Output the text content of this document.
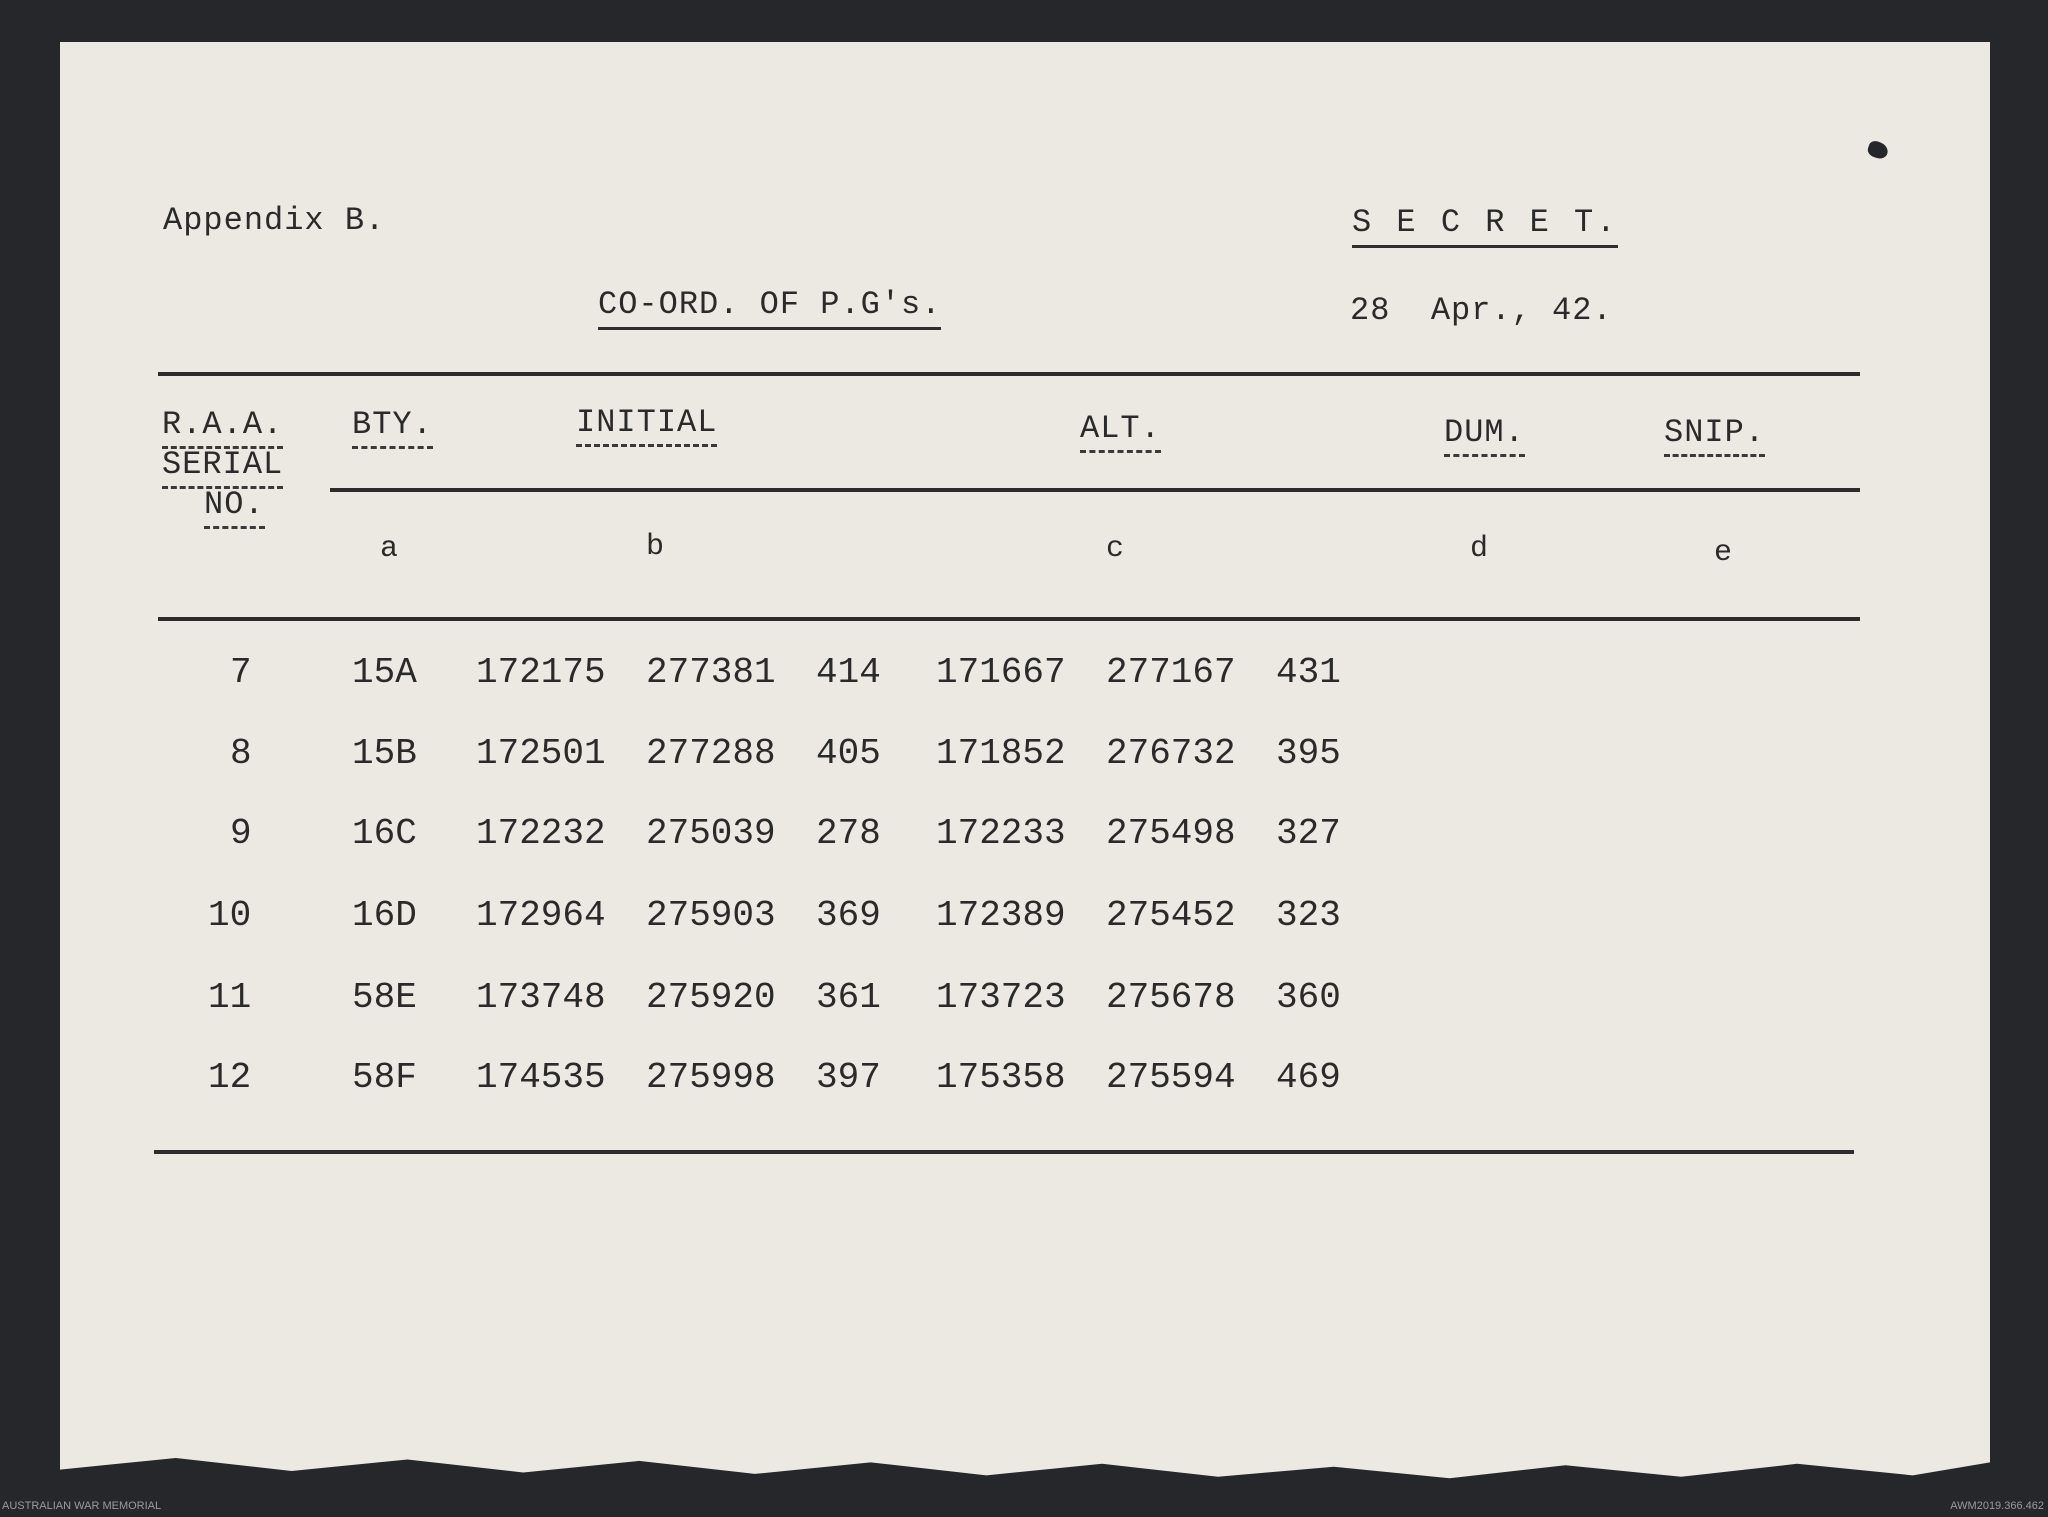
Appendix B.	S E C R E T.
CO-ORD. OF P.G's.	28  Apr., 42.
R.A.A.
SERIAL
NO.
BTY.	INITIAL	ALT.	DUM.	SNIP.
a	b	c	d	e
7	15A 172175 277381 414 171667 277167 431
8	15B 172501 277288 405 171852 276732 395
9	16C 172232 275039 278 172233 275498 327
10	16D 172964 275903 369 172389 275452 323
11	58E 173748 275920 361 173723 275678 360
12	58F 174535 275998 397 175358 275594 469
AUSTRALIAN WAR MEMORIAL	AWM2019.366.462
